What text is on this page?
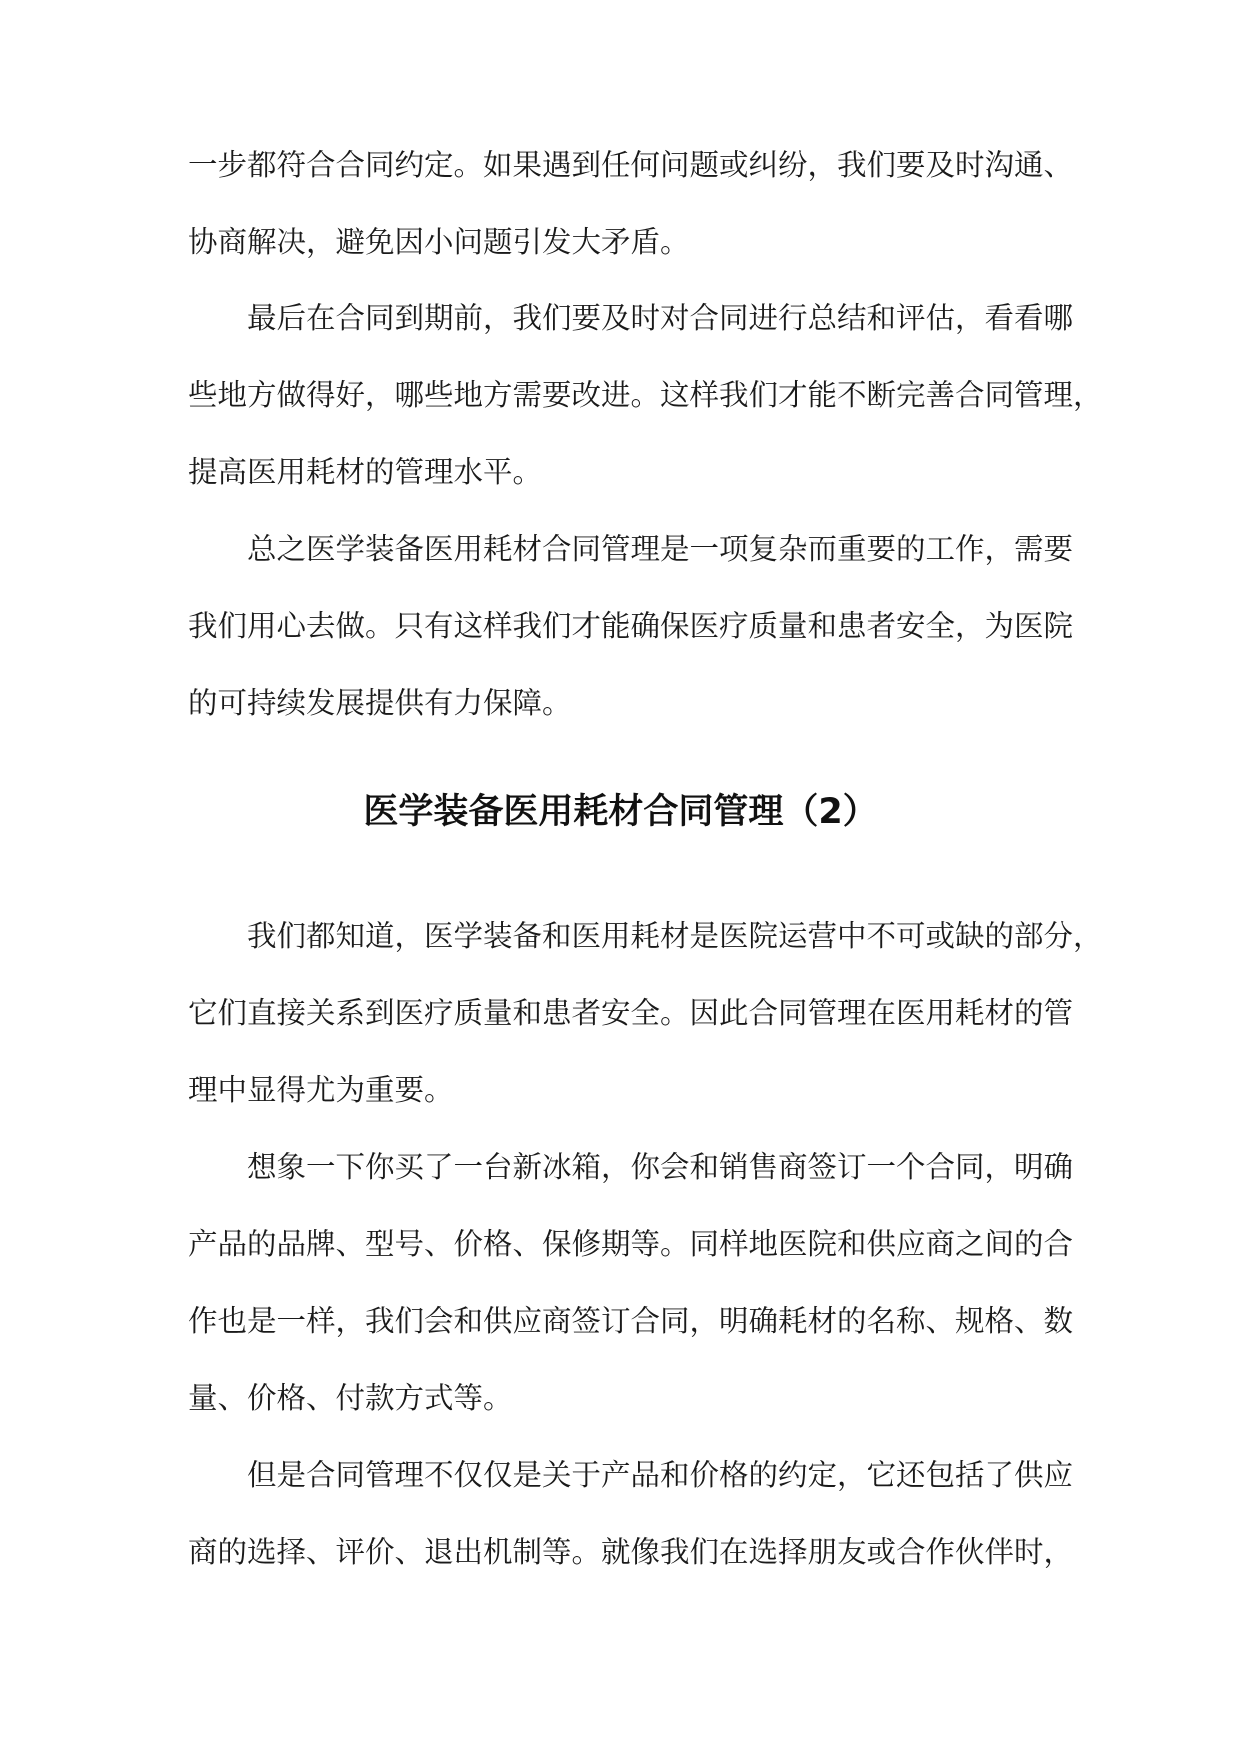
一步都符合合同约定。如果遇到任何问题或纠纷，我们要及时沟通、
协商解决，避免因小问题引发大矛盾。
最后在合同到期前，我们要及时对合同进行总结和评估，看看哪
些地方做得好，哪些地方需要改进。这样我们才能不断完善合同管理，
提高医用耗材的管理水平。
总之医学装备医用耗材合同管理是一项复杂而重要的工作，需要
我们用心去做。只有这样我们才能确保医疗质量和患者安全，为医院
的可持续发展提供有力保障。
医学装备医用耗材合同管理（2）
我们都知道，医学装备和医用耗材是医院运营中不可或缺的部分，
它们直接关系到医疗质量和患者安全。因此合同管理在医用耗材的管
理中显得尤为重要。
想象一下你买了一台新冰箱，你会和销售商签订一个合同，明确
产品的品牌、型号、价格、保修期等。同样地医院和供应商之间的合
作也是一样，我们会和供应商签订合同，明确耗材的名称、规格、数
量、价格、付款方式等。
但是合同管理不仅仅是关于产品和价格的约定，它还包括了供应
商的选择、评价、退出机制等。就像我们在选择朋友或合作伙伴时，
